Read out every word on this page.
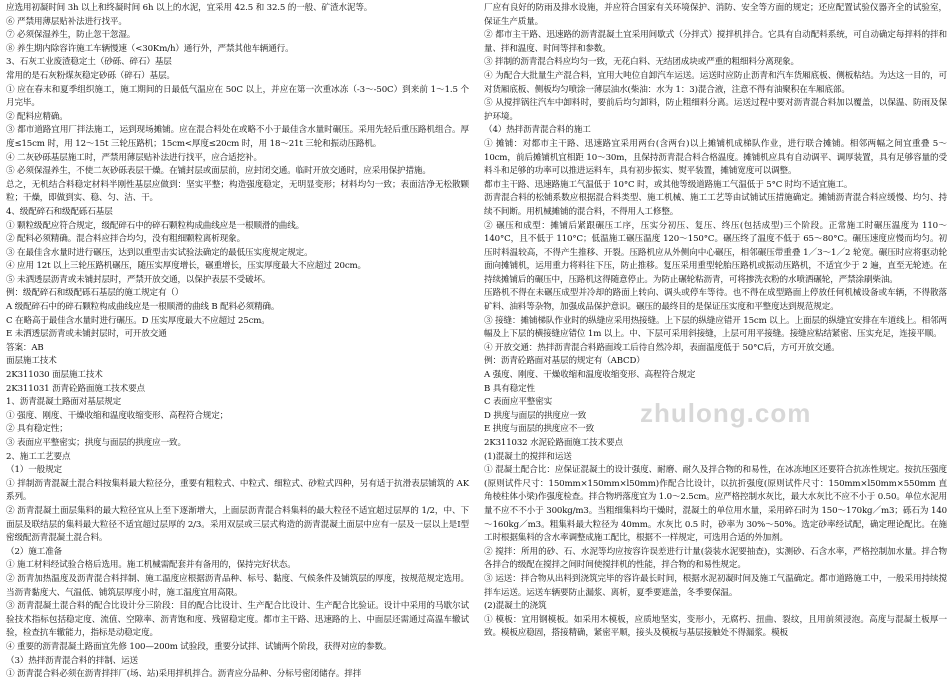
应选用初凝时间 3h 以上和终凝时间 6h 以上的水泥，宜采用 42.5 和 32.5 的一般、矿渣水泥等。

⑥ 严禁用薄层贴补法进行找平。

⑦ 必须保湿养生，防止忽干忽湿。

⑧ 养生期内除容许施工车辆慢速（<30Km/h）通行外，严禁其他车辆通行。

3、石灰工业废渣稳定土（砂砾、碎石）基层

常用的是石灰粉煤灰稳定砂砾（碎石）基层。

① 应在春末和夏季组织施工，施工期间的日最低气温应在 50C 以上，并应在第一次重冰冻（-3～-50C）到来前 1～1.5 个月完毕。

② 配料应精确。

③ 都市道路宜用厂拌法施工，运到现场摊铺。应在混合料处在或略不小于最佳含水量时碾压。采用先轻后重压路机组合。厚度≤15cm 时，用 12～15t 三轮压路机；15cm<厚度≤20cm 时，用 18～21t 三轮和振动压路机。

④ 二灰砂砾基层施工时，严禁用薄层贴补法进行找平，应合适挖补。

⑤ 必须保湿养生，不使二灰砂砾表层干燥。在铺封层或面层前，应封闭交通。临时开放交通时，应采用保护措施。

总之，无机结合料稳定材料半刚性基层应做到：坚实平整；构造强度稳定，无明显变形；材料均匀一致；表面洁净无松散颗粒；干燥，即做到实、稳、匀、洁、干。

4、级配碎石和级配砾石基层

① 颗粒级配应符合规定，级配碎石中的碎石颗粒构成曲线应是一根顺滑的曲线。

② 配料必须精确。混合料应拌合均匀，没有粗细颗粒离析现象。

③ 在最佳含水量时进行碾压，达到以重型击实试验法确定的最低压实度规定规定。

④ 应用 12t 以上三轮压路机碾压，随压实厚度增长，碾重增长，压实厚度最大不应超过 20cm。

⑤ 未洒透层沥青或未铺封层时，严禁开放交通，以保护表层不受破坏。

例：级配碎石和级配砾石基层的施工规定有（）

A 级配碎石中的碎石颗粒构成曲线应是一根顺滑的曲线 B 配料必须精确。

C 在略高于最佳含水量时进行碾压。D 压实厚度最大不应超过 25cm。

E 未洒透层沥青或未铺封层时，可开放交通

答案：AB

面层施工技术

2K311030 面层施工技术

2K311031 沥青砼路面施工技术要点

1、沥青混凝土路面对基层规定

① 强度、刚度、干燥收缩和温度收缩变形、高程符合规定；

② 具有稳定性；

③ 表面应平整密实；拱度与面层的拱度应一致。

2、施工工艺要点

（1）一般规定

① 拌制沥青混凝土混合料按集料最大粒径分，重要有粗粒式、中粒式、细粒式、砂粒式四种，另有适于抗滑表层铺筑的 AK 系列。

② 沥青混凝土面层集料的最大粒径宜从上至下逐渐增大，上面层沥青混合料集料的最大粒径不适宜超过层厚的 1/2，中、下面层及联结层的集料最大粒径不适宜超过层厚的 2/3。采用双层或三层式构造的沥青混凝土面层中应有一层及一层以上是Ⅰ型密级配沥青混凝土混合料。

（2）施工准备

① 施工材料经试验合格后选用。施工机械需配套并有备用的，保持完好状态。

② 沥青加热温度及沥青混合料拌制、施工温度应根据沥青品种、标号、黏度、气候条件及铺筑层的厚度，按规范规定选用。当沥青黏度大、气温低、铺筑层厚度小时，施工温度宜用高限。

③ 沥青混凝土混合料的配合比设计分三阶段：目的配合比设计、生产配合比设计、生产配合比验证。设计中采用的马歇尔试验技术指标包括稳定度、流值、空隙率、沥青饱和度、残留稳定度。都市主干路、迅速路的上、中面层还需通过高温车辙试验，检查抗车辙能力，指标是动稳定度。

④ 重要的沥青混凝土路面宜先修 100—200m 试验段，重要分试拌、试铺两个阶段，获得对应的参数。

（3）热拌沥青混合料的拌制、运送

① 沥青混合料必须在沥青拌拌厂(场、站)采用拌机拌合。沥青应分品种、分标号密闭储存。拌拌

厂应有良好的防雨及排水设施，并应符合国家有关环境保护、消防、安全等方面的规定；还应配置试验仪器齐全的试验室，保证生产质量。

② 都市主干路、迅速路的沥青混凝土宜采用间歇式（分拌式）搅拌机拌合。它具有自动配料系统，可自动确定每拌料的拌和量、拌和温度、时间等拌和参数。

③ 拌制的沥青混合料应均匀一致，无花白料、无结团成块或严重的粗细料分离现象。

④ 为配合大批量生产混合料，宜用大吨位自卸汽车运送。运送时应防止沥青和汽车货厢底板、侧板粘结。为达这一目的，可对货厢底板、侧板均匀喷涂一薄层油水(柴油：水为 1：3)混合液，注意不得有油聚积在车厢底部。

⑤ 从搅拌锅往汽车中卸料时，要前后均匀卸料，防止粗细料分离。运送过程中要对沥青混合料加以覆盖，以保温、防雨及保护环境。

（4）热拌沥青混合料的施工

① 摊铺：对都市主干路、迅速路宜采用两台(含两台)以上摊铺机成梯队作业，进行联合摊铺。相邻两幅之间宜重叠 5～10cm，前后摊铺机宜相距 10～30m，且保持沥青混合料合格温度。摊铺机应具有自动调平、调厚装置，具有足够容量的受料斗和足够的功率可以推进运料车，具有初步振实、熨平装置，摊铺宽度可以调整。

都市主干路、迅速路施工气温低于 10°C 时，或其他等级道路施工气温低于 5°C 时均不适宜施工。

沥青混合料的松铺系数应根据混合料类型、施工机械、施工工艺等由试铺试压措施确定。摊铺沥青混合料应缓慢、均匀、持续不间断。用机械摊铺的混合料，不得用人工修整。

② 碾压和成型：摊铺后紧跟碾压工序，压实分初压、复压、终压(包括成型)三个阶段。正常施工时碾压温度为 110～140°C，且不低于 110°C；低温施工碾压温度 120～150°C。碾压终了温度不低于 65～80°C。碾压速度应慢而均匀。初压时料温较高，不得产生推移、开裂。压路机应从外侧向中心碾压，相邻碾压带重叠 1／3～1／2 轮宽。碾压时应将驱动轮面向摊铺机，运用重力将料往下压，防止推移。复压采用重型轮胎压路机或振动压路机，不适宜少于 2 遍，直至无轮迹。在持续摊铺后的碾压中，压路机这得随意停止。为防止碾轮粘沥青，可将掺洗衣粉的水喷洒碾轮，严禁涂刷柴油。

压路机不得在未碾压成型并冷却的路面上转向、调头或停车等待。也不得在成型路面上停放任何机械设备或车辆，不得散落矿料、油料等杂物，加强成品保护意识。碾压的最终目的是保证压实度和平整度达到规范规定。

③ 接缝：摊铺梯队作业时的纵缝应采用热接缝。上下层的纵缝应错开 15cm 以上。上面层的纵缝宜安排在车道线上。相邻两幅及上下层的横接缝应错位 1m 以上。中、下层可采用斜接缝，上层可用平接缝。接缝应粘结紧密、压实充足，连接平顺。

④ 开放交通：热拌沥青混合料路面竣工后待自然冷却，表面温度低于 50°C后，方可开放交通。

例：沥青砼路面对基层的规定有（ABCD）

A 强度、刚度、干燥收缩和温度收缩变形、高程符合规定

B 具有稳定性

C 表面应平整密实

D 拱度与面层的拱度应一致

E 拱度与面层的拱度应不一致

2K311032 水泥砼路面施工技术要点

(1)混凝土的搅拌和运送

① 混凝土配合比：应保证混凝土的设计强度、耐磨、耐久及拌合物的和易性，在冰冻地区还要符合抗冻性规定。按抗压强度(原则试件尺寸：150mm×150mm×l50mm)作配合比设计，以抗折强度(原则试件尺寸：150mm×l50mm×550mm 直角棱柱体小梁)作强度检查。拌合物坍落度宜为 1.0～2.5cm。应严格控制水灰比，最大水灰比不应不小于 0.50。单位水泥用量不应不不小于 300kg/m3。当粗细集料均干燥时，混凝土的单位用水量，采用碎石时为 150～170kg／m3；砾石为 140～160kg／m3。粗集料最大粒径为 40mm。水灰比 0.5 时，砂率为 30%～50%。选定砂率经试配，确定理论配比。在施工时根据集料的含水率调整成施工配比，根据不一样规定，可选用合适的外加剂。

② 搅拌：所用的砂、石、水泥等均应按容许误差进行计量(袋装水泥要抽查)，实测砂、石含水率，严格控制加水量。拌合物各拌合的级配在搅拌之间时间使搅拌机的性能，拌合物的和易性规定。

③ 运送：拌合物从出料到浇筑完毕的容许最长时间，根据水泥初凝时间及施工气温确定。都市道路施工中，一般采用持续搅拌车运送。运送车辆要防止漏浆、离析，夏季要遮盖，冬季要保温。

(2)混凝土的浇筑

① 模板：宜用钢模板。如采用木模板，应质地坚实，变形小，无腐朽、扭曲、裂纹，且用前须浸泡。高度与混凝土板厚一致。模板应稳固，搭接精确，紧密平顺，接头及模板与基层接触处不得漏浆。模板

zhulong.com
